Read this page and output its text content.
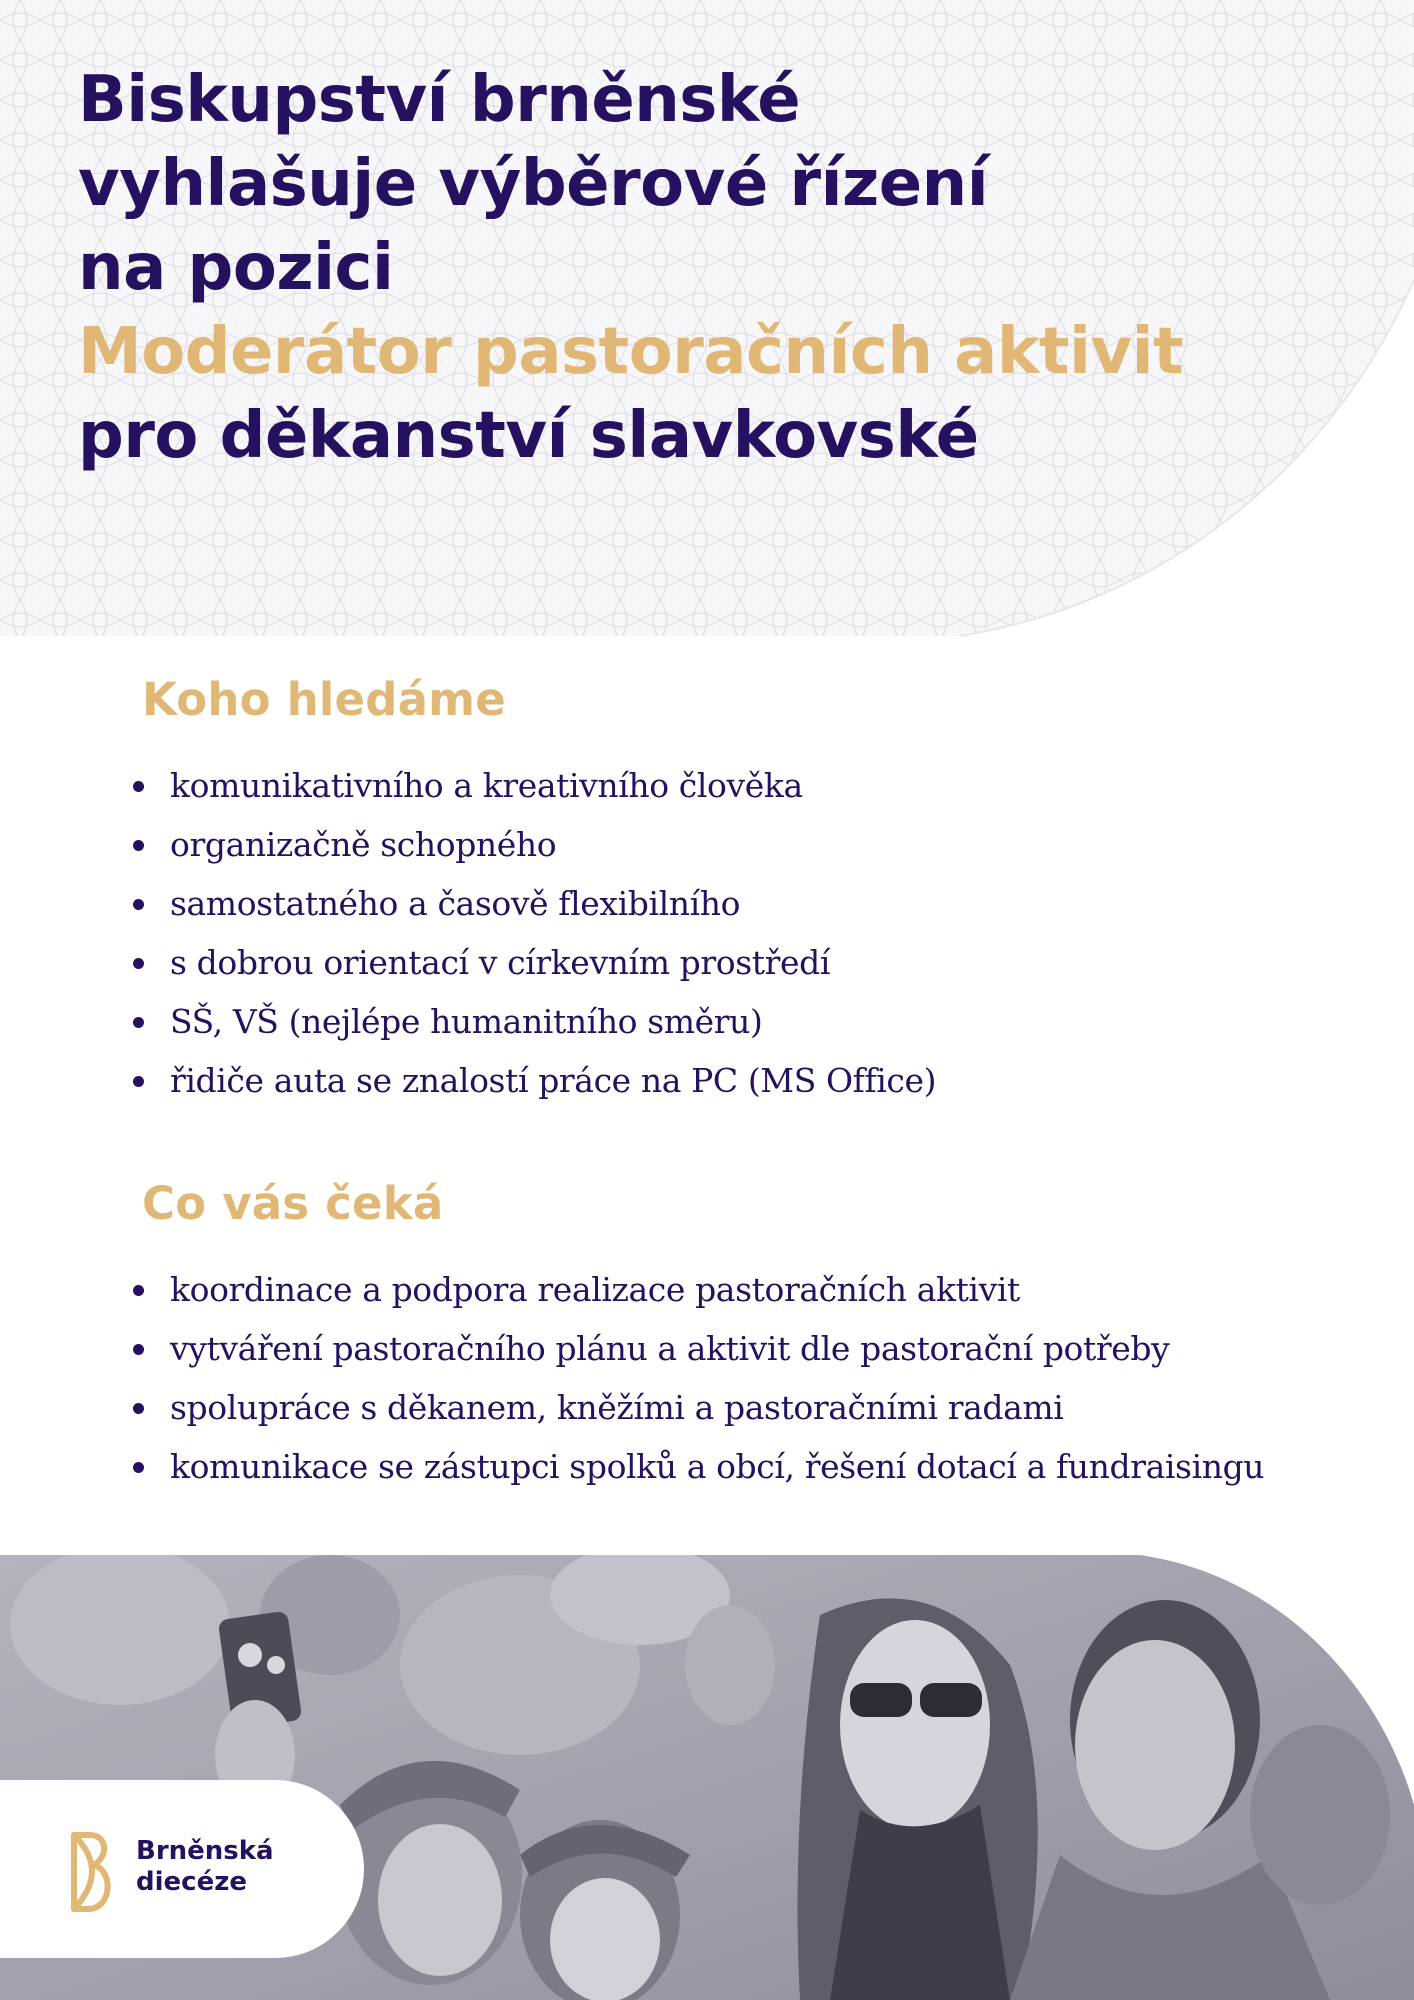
Biskupství brněnské
vyhlašuje výběrové řízení
na pozici
Moderátor pastoračních aktivit
pro děkanství slavkovské
Koho hledáme
komunikativního a kreativního člověka
organizačně schopného
samostatného a časově flexibilního
s dobrou orientací v církevním prostředí
SŠ, VŠ (nejlépe humanitního směru)
řidiče auta se znalostí práce na PC (MS Office)
Co vás čeká
koordinace a podpora realizace pastoračních aktivit
vytváření pastoračního plánu a aktivit dle pastorační potřeby
spolupráce s děkanem, kněžími a pastoračními radami
komunikace se zástupci spolků a obcí, řešení dotací a fundraisingu
Brněnská
diecéze
